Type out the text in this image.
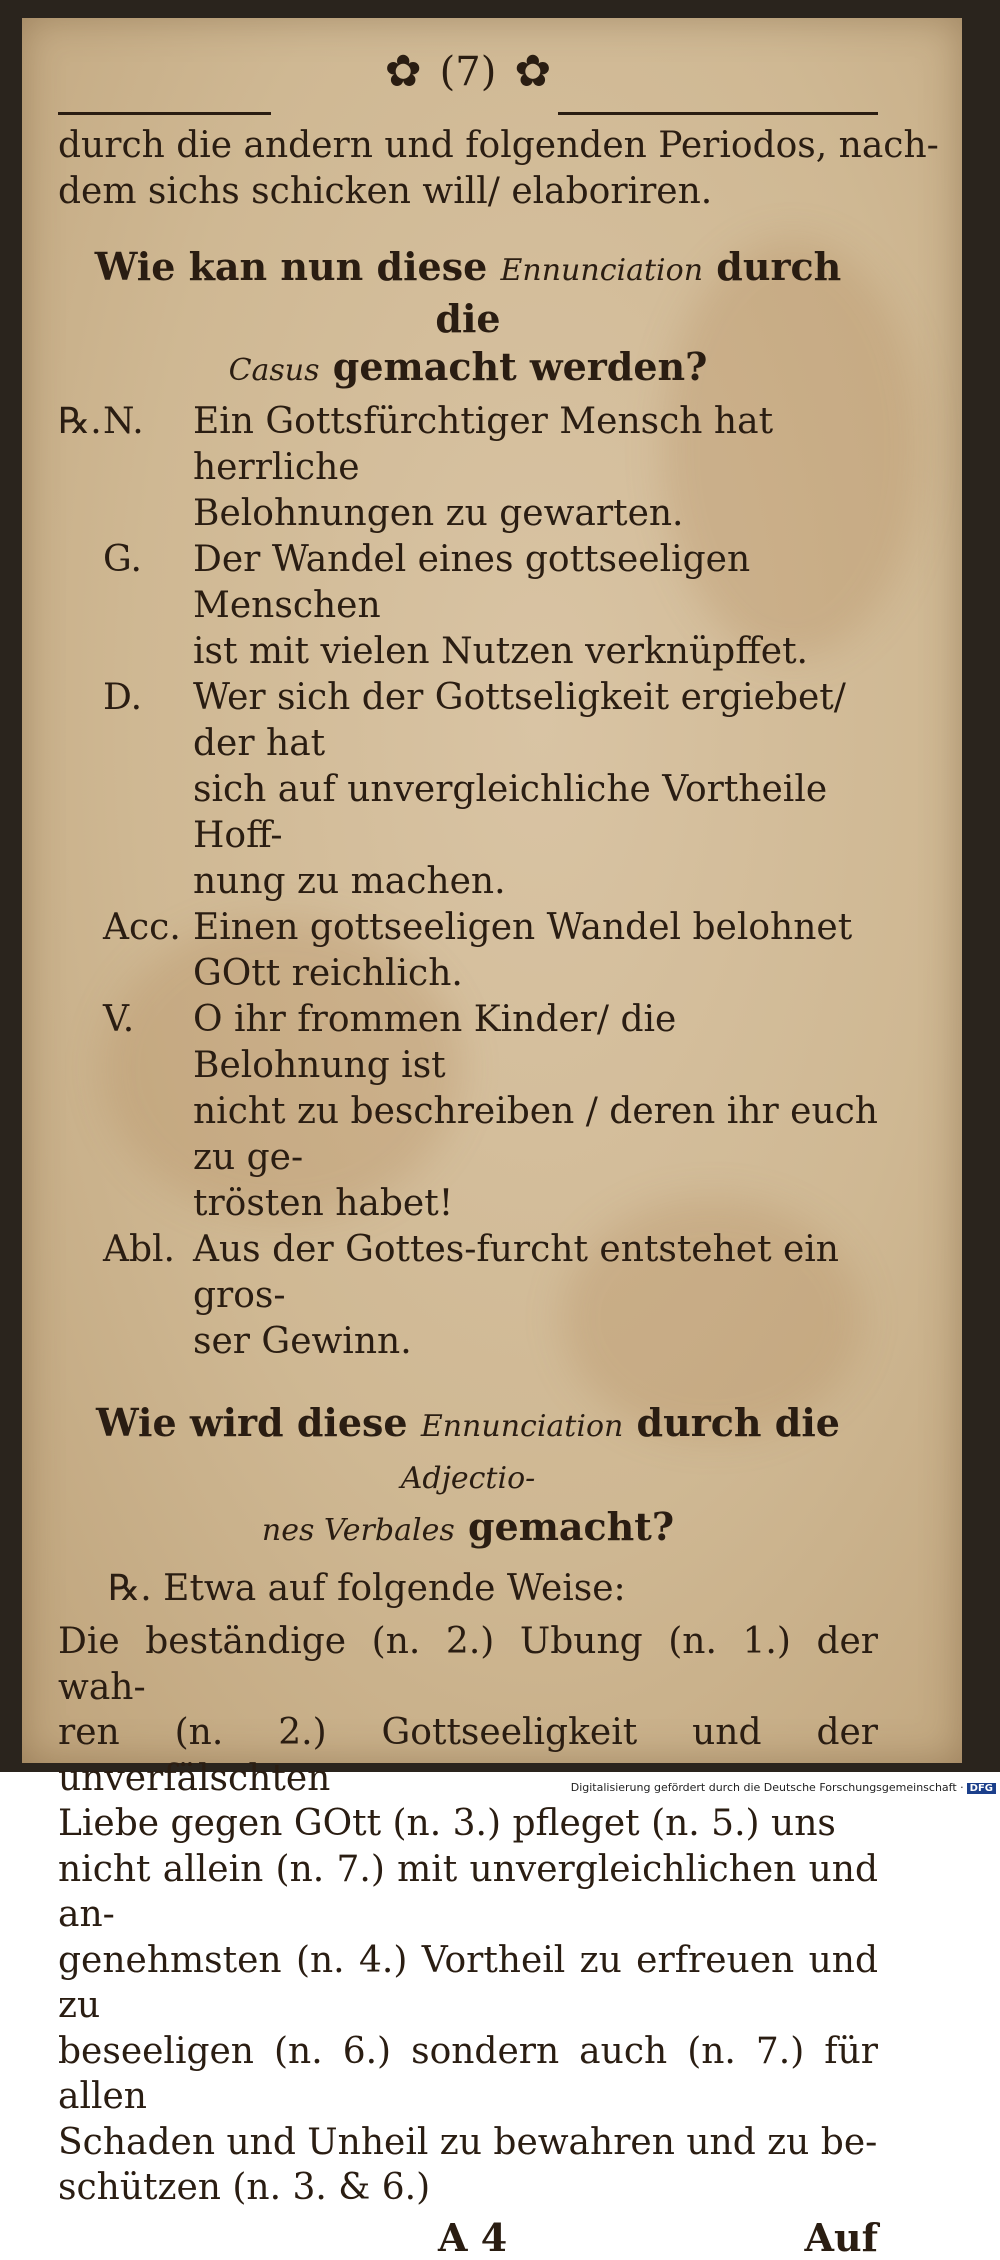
✿ (7) ✿
durch die andern und folgenden Periodos, nach-
dem sichs schicken will/ elaboriren.
Wie kan nun diese Ennunciation durch die
Casus gemacht werden?
℞. N.	Ein Gottsfürchtiger Mensch hat herrliche
Belohnungen zu gewarten.
G.	Der Wandel eines gottseeligen Menschen
ist mit vielen Nutzen verknüpffet.
D.	Wer sich der Gottseligkeit ergiebet/ der hat
sich auf unvergleichliche Vortheile Hoff-
nung zu machen.
Acc. Einen gottseeligen Wandel belohnet
GOtt reichlich.
V.	O ihr frommen Kinder/ die Belohnung ist
nicht zu beschreiben / deren ihr euch zu ge-
trösten habet!
Abl. Aus der Gottes-furcht entstehet ein gros-
ser Gewinn.
Wie wird diese Ennunciation durch die Adjectio-
nes Verbales gemacht?
℞. Etwa auf folgende Weise:
Die beständige (n. 2.) Ubung (n. 1.) der wah-
ren (n. 2.) Gottseeligkeit und der unverfälschten
Liebe gegen GOtt (n. 3.) pfleget (n. 5.) uns
nicht allein (n. 7.) mit unvergleichlichen und an-
genehmsten (n. 4.) Vortheil zu erfreuen und zu
beseeligen (n. 6.) sondern auch (n. 7.) für allen
Schaden und Unheil zu bewahren und zu be-
schützen (n. 3. & 6.)
A 4	Auf
Digitalisierung gefördert durch die Deutsche Forschungsgemeinschaft · DFG
